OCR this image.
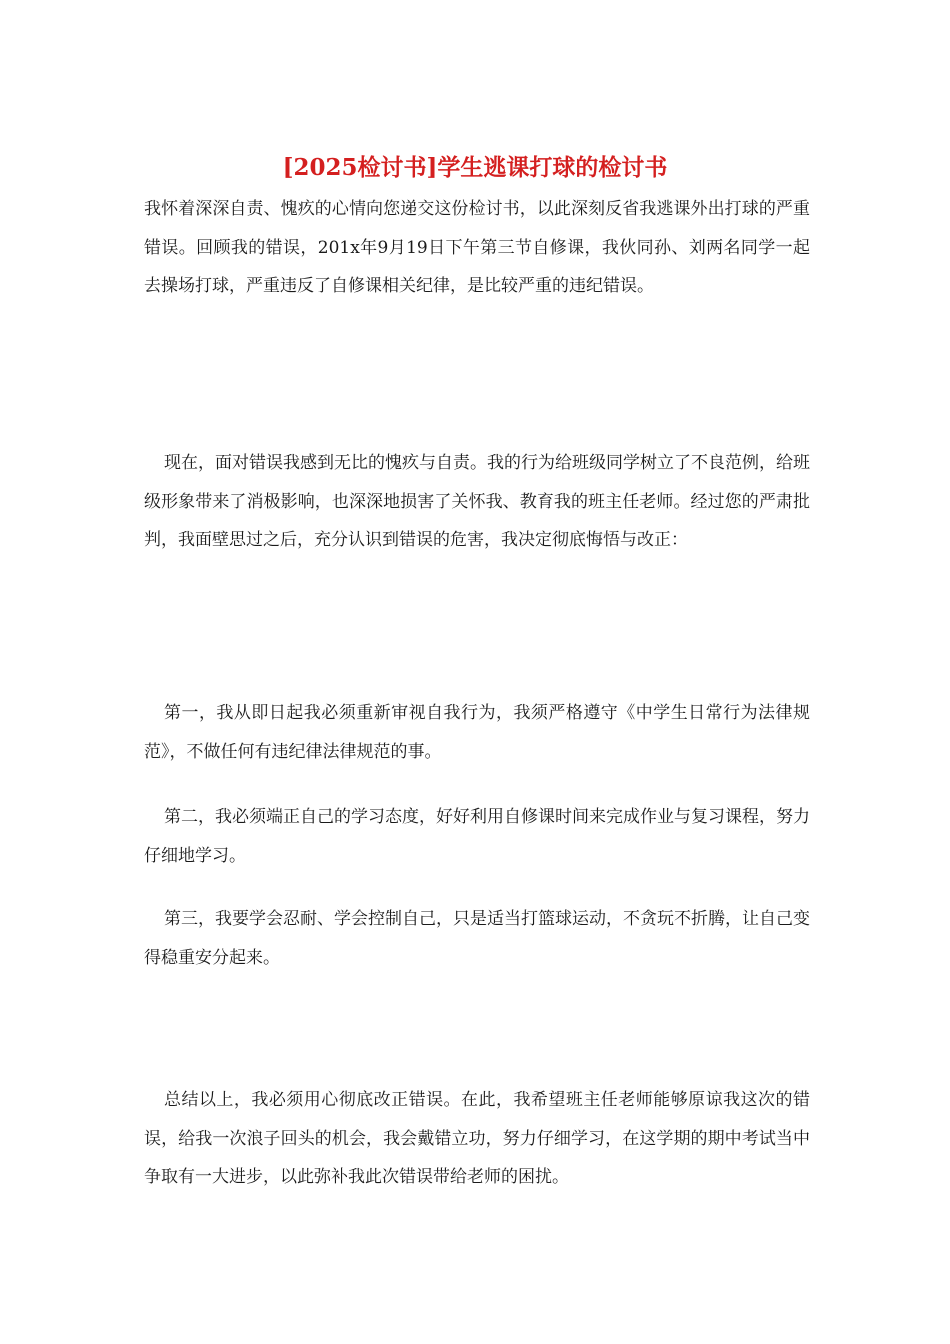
[2025检讨书]学生逃课打球的检讨书

我怀着深深自责、愧疚的心情向您递交这份检讨书，以此深刻反省我逃课外出打球的严重错误。回顾我的错误，201x年9月19日下午第三节自修课，我伙同孙、刘两名同学一起去操场打球，严重违反了自修课相关纪律，是比较严重的违纪错误。

现在，面对错误我感到无比的愧疚与自责。我的行为给班级同学树立了不良范例，给班级形象带来了消极影响，也深深地损害了关怀我、教育我的班主任老师。经过您的严肃批判，我面壁思过之后，充分认识到错误的危害，我决定彻底悔悟与改正：

第一，我从即日起我必须重新审视自我行为，我须严格遵守《中学生日常行为法律规范》，不做任何有违纪律法律规范的事。

第二，我必须端正自己的学习态度，好好利用自修课时间来完成作业与复习课程，努力仔细地学习。

第三，我要学会忍耐、学会控制自己，只是适当打篮球运动，不贪玩不折腾，让自己变得稳重安分起来。

总结以上，我必须用心彻底改正错误。在此，我希望班主任老师能够原谅我这次的错误，给我一次浪子回头的机会，我会戴错立功，努力仔细学习，在这学期的期中考试当中争取有一大进步，以此弥补我此次错误带给老师的困扰。
